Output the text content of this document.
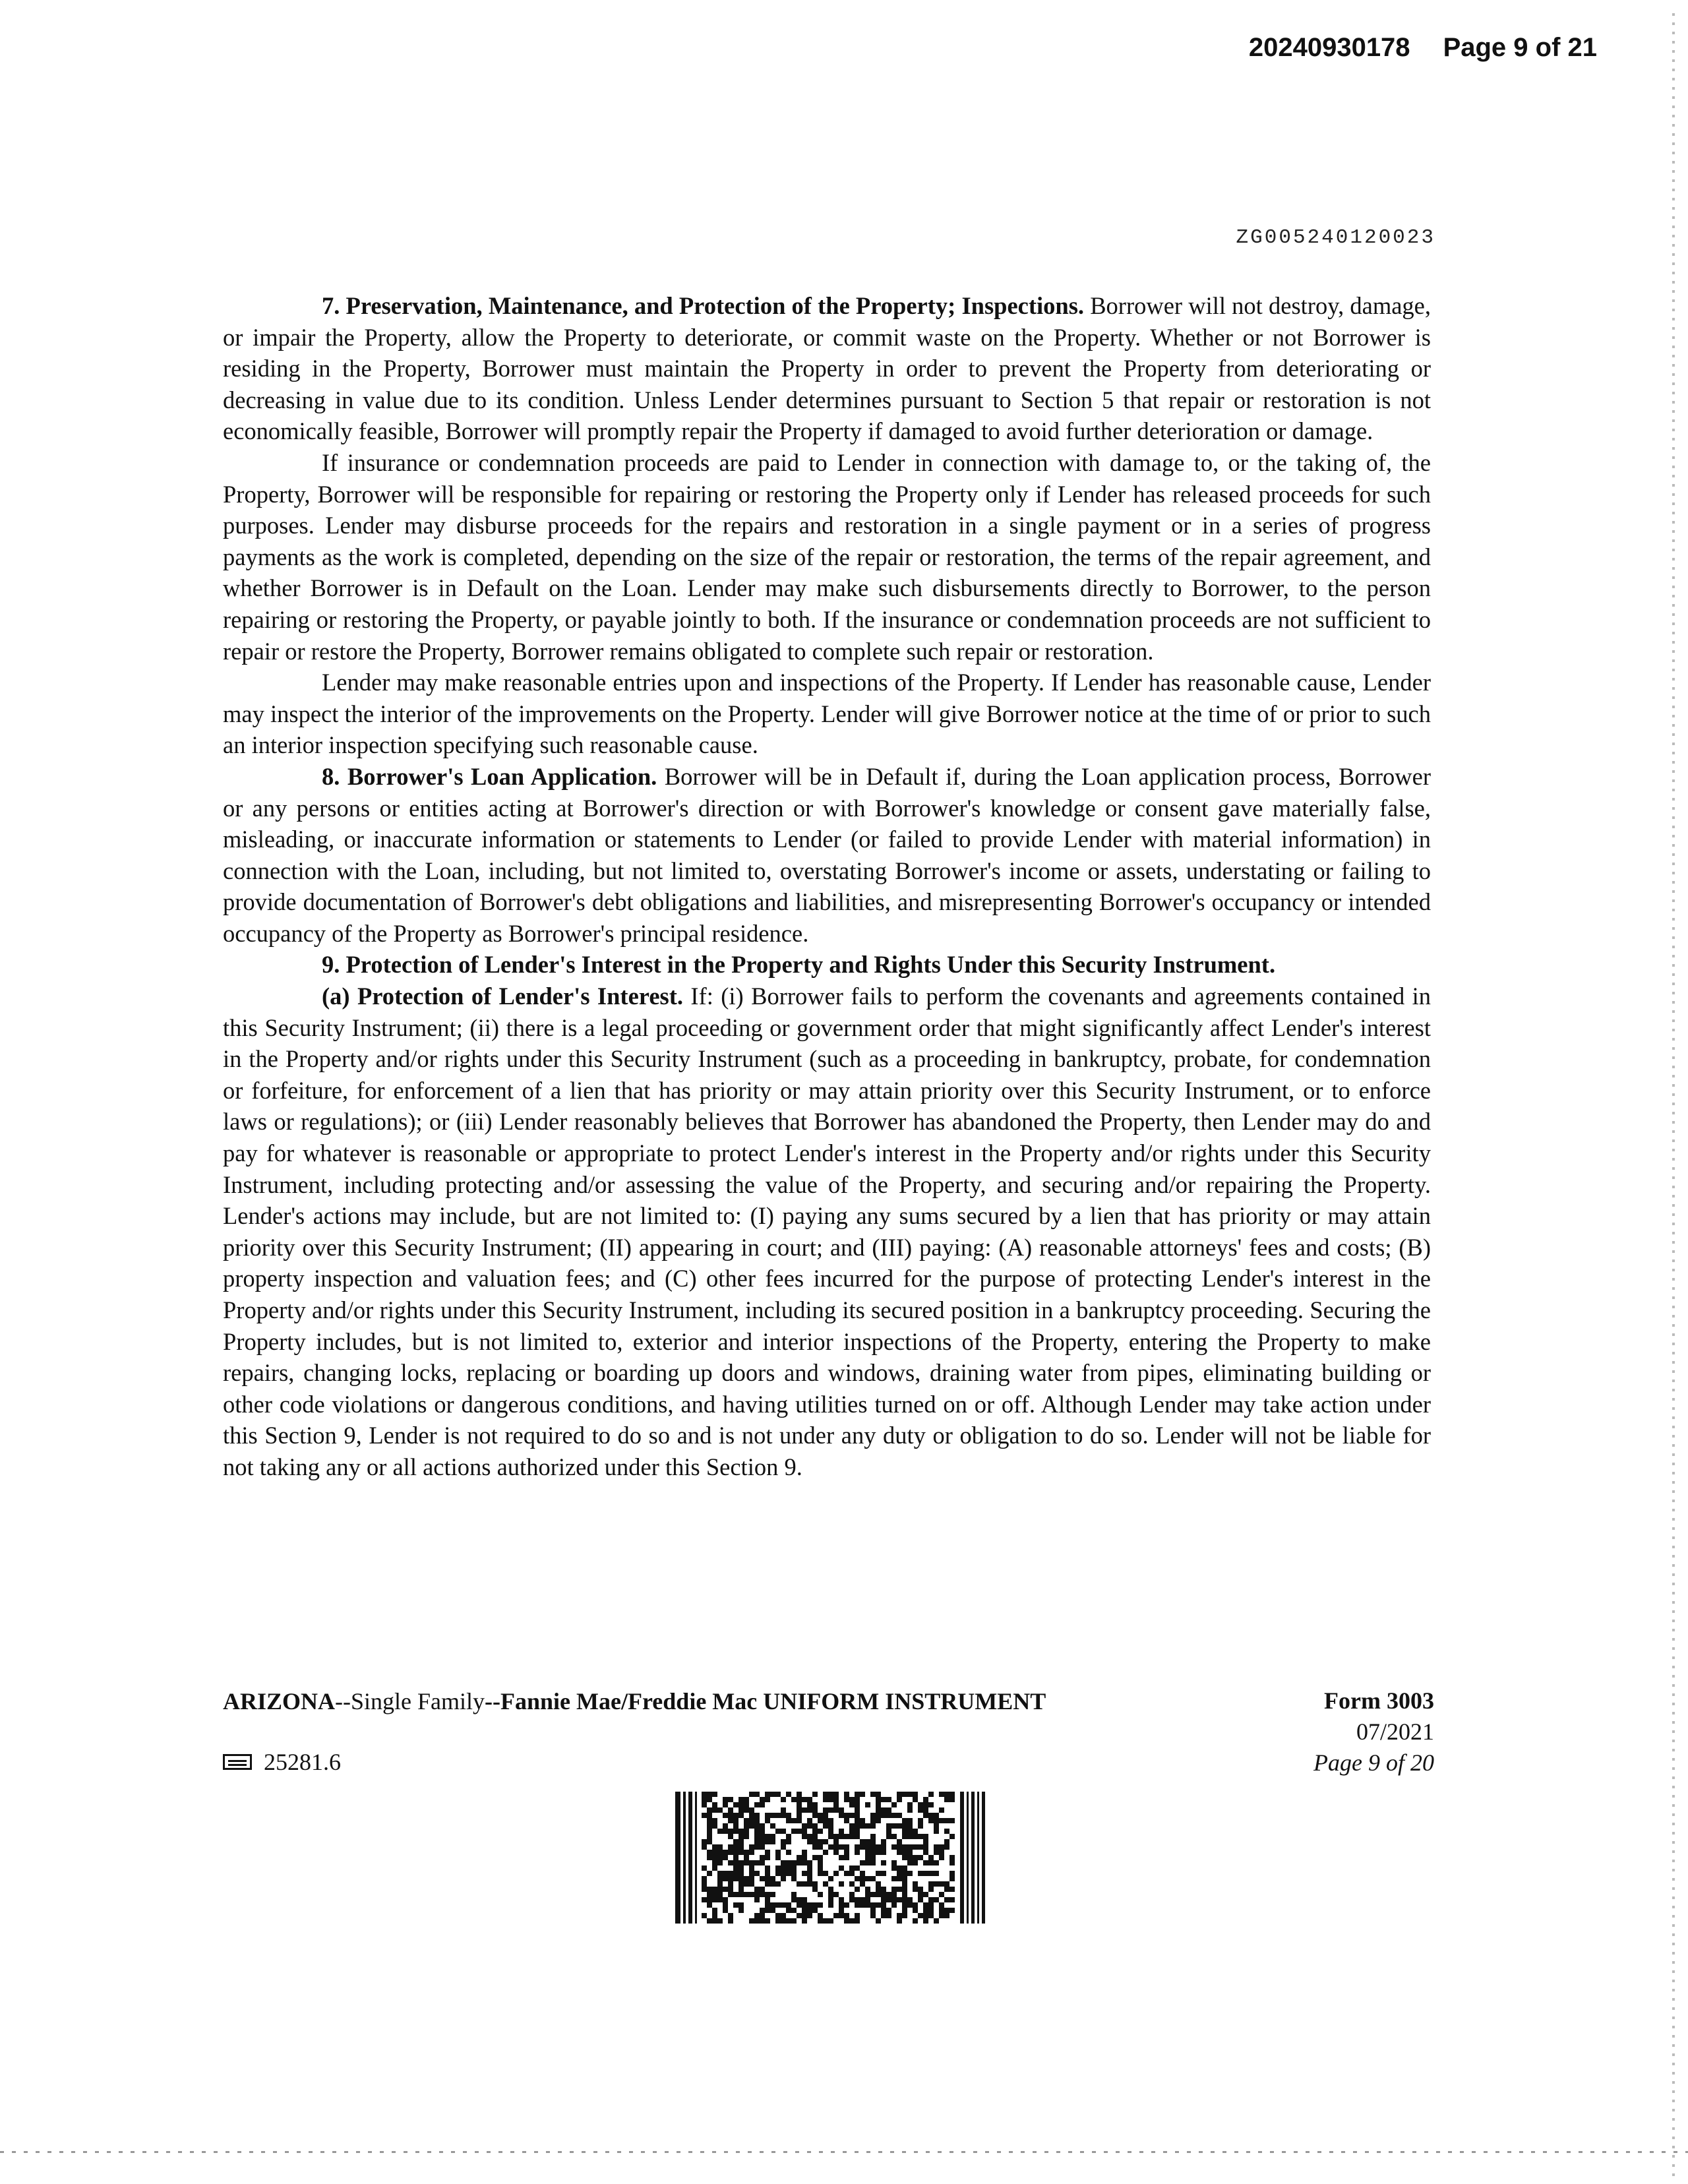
20240930178 Page 9 of 21
ZG005240120023

7. Preservation, Maintenance, and Protection of the Property; Inspections. Borrower will not destroy, damage, or impair the Property, allow the Property to deteriorate, or commit waste on the Property. Whether or not Borrower is residing in the Property, Borrower must maintain the Property in order to prevent the Property from deteriorating or decreasing in value due to its condition. Unless Lender determines pursuant to Section 5 that repair or restoration is not economically feasible, Borrower will promptly repair the Property if damaged to avoid further deterioration or damage.

If insurance or condemnation proceeds are paid to Lender in connection with damage to, or the taking of, the Property, Borrower will be responsible for repairing or restoring the Property only if Lender has released proceeds for such purposes. Lender may disburse proceeds for the repairs and restoration in a single payment or in a series of progress payments as the work is completed, depending on the size of the repair or restoration, the terms of the repair agreement, and whether Borrower is in Default on the Loan. Lender may make such disbursements directly to Borrower, to the person repairing or restoring the Property, or payable jointly to both. If the insurance or condemnation proceeds are not sufficient to repair or restore the Property, Borrower remains obligated to complete such repair or restoration.

Lender may make reasonable entries upon and inspections of the Property. If Lender has reasonable cause, Lender may inspect the interior of the improvements on the Property. Lender will give Borrower notice at the time of or prior to such an interior inspection specifying such reasonable cause.

8. Borrower's Loan Application. Borrower will be in Default if, during the Loan application process, Borrower or any persons or entities acting at Borrower's direction or with Borrower's knowledge or consent gave materially false, misleading, or inaccurate information or statements to Lender (or failed to provide Lender with material information) in connection with the Loan, including, but not limited to, overstating Borrower's income or assets, understating or failing to provide documentation of Borrower's debt obligations and liabilities, and misrepresenting Borrower's occupancy or intended occupancy of the Property as Borrower's principal residence.

9. Protection of Lender's Interest in the Property and Rights Under this Security Instrument.

(a) Protection of Lender's Interest. If: (i) Borrower fails to perform the covenants and agreements contained in this Security Instrument; (ii) there is a legal proceeding or government order that might significantly affect Lender's interest in the Property and/or rights under this Security Instrument (such as a proceeding in bankruptcy, probate, for condemnation or forfeiture, for enforcement of a lien that has priority or may attain priority over this Security Instrument, or to enforce laws or regulations); or (iii) Lender reasonably believes that Borrower has abandoned the Property, then Lender may do and pay for whatever is reasonable or appropriate to protect Lender's interest in the Property and/or rights under this Security Instrument, including protecting and/or assessing the value of the Property, and securing and/or repairing the Property. Lender's actions may include, but are not limited to: (I) paying any sums secured by a lien that has priority or may attain priority over this Security Instrument; (II) appearing in court; and (III) paying: (A) reasonable attorneys' fees and costs; (B) property inspection and valuation fees; and (C) other fees incurred for the purpose of protecting Lender's interest in the Property and/or rights under this Security Instrument, including its secured position in a bankruptcy proceeding. Securing the Property includes, but is not limited to, exterior and interior inspections of the Property, entering the Property to make repairs, changing locks, replacing or boarding up doors and windows, draining water from pipes, eliminating building or other code violations or dangerous conditions, and having utilities turned on or off. Although Lender may take action under this Section 9, Lender is not required to do so and is not under any duty or obligation to do so. Lender will not be liable for not taking any or all actions authorized under this Section 9.

ARIZONA--Single Family--Fannie Mae/Freddie Mac UNIFORM INSTRUMENT	Form 3003
07/2021
Page 9 of 20
25281.6
